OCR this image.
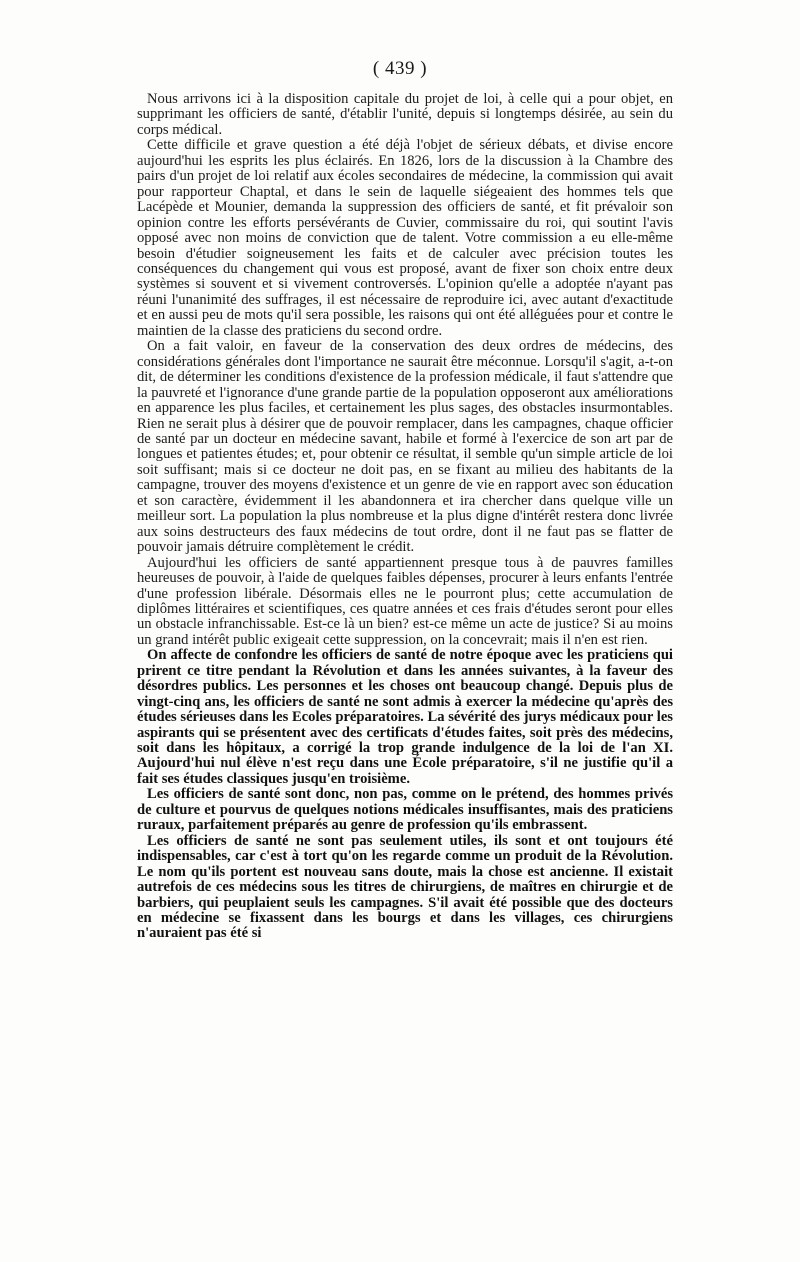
( 439 )

Nous arrivons ici à la disposition capitale du projet de loi, à celle qui a pour objet, en supprimant les officiers de santé, d'établir l'unité, depuis si longtemps désirée, au sein du corps médical.

Cette difficile et grave question a été déjà l'objet de sérieux débats, et divise encore aujourd'hui les esprits les plus éclairés. En 1826, lors de la discussion à la Chambre des pairs d'un projet de loi relatif aux écoles secondaires de médecine, la commission qui avait pour rapporteur Chaptal, et dans le sein de laquelle siégeaient des hommes tels que Lacépède et Mounier, demanda la suppression des officiers de santé, et fit prévaloir son opinion contre les efforts persévérants de Cuvier, commissaire du roi, qui soutint l'avis opposé avec non moins de conviction que de talent. Votre commission a eu elle-même besoin d'étudier soigneusement les faits et de calculer avec précision toutes les conséquences du changement qui vous est proposé, avant de fixer son choix entre deux systèmes si souvent et si vivement controversés. L'opinion qu'elle a adoptée n'ayant pas réuni l'unanimité des suffrages, il est nécessaire de reproduire ici, avec autant d'exactitude et en aussi peu de mots qu'il sera possible, les raisons qui ont été alléguées pour et contre le maintien de la classe des praticiens du second ordre.

On a fait valoir, en faveur de la conservation des deux ordres de médecins, des considérations générales dont l'importance ne saurait être méconnue. Lorsqu'il s'agit, a-t-on dit, de déterminer les conditions d'existence de la profession médicale, il faut s'attendre que la pauvreté et l'ignorance d'une grande partie de la population opposeront aux améliorations en apparence les plus faciles, et certainement les plus sages, des obstacles insurmontables. Rien ne serait plus à désirer que de pouvoir remplacer, dans les campagnes, chaque officier de santé par un docteur en médecine savant, habile et formé à l'exercice de son art par de longues et patientes études; et, pour obtenir ce résultat, il semble qu'un simple article de loi soit suffisant; mais si ce docteur ne doit pas, en se fixant au milieu des habitants de la campagne, trouver des moyens d'existence et un genre de vie en rapport avec son éducation et son caractère, évidemment il les abandonnera et ira chercher dans quelque ville un meilleur sort. La population la plus nombreuse et la plus digne d'intérêt restera donc livrée aux soins destructeurs des faux médecins de tout ordre, dont il ne faut pas se flatter de pouvoir jamais détruire complètement le crédit.

Aujourd'hui les officiers de santé appartiennent presque tous à de pauvres familles heureuses de pouvoir, à l'aide de quelques faibles dépenses, procurer à leurs enfants l'entrée d'une profession libérale. Désormais elles ne le pourront plus; cette accumulation de diplômes littéraires et scientifiques, ces quatre années et ces frais d'études seront pour elles un obstacle infranchissable. Est-ce là un bien? est-ce même un acte de justice? Si au moins un grand intérêt public exigeait cette suppression, on la concevrait; mais il n'en est rien.

On affecte de confondre les officiers de santé de notre époque avec les praticiens qui prirent ce titre pendant la Révolution et dans les années suivantes, à la faveur des désordres publics. Les personnes et les choses ont beaucoup changé. Depuis plus de vingt-cinq ans, les officiers de santé ne sont admis à exercer la médecine qu'après des études sérieuses dans les Ecoles préparatoires. La sévérité des jurys médicaux pour les aspirants qui se présentent avec des certificats d'études faites, soit près des médecins, soit dans les hôpitaux, a corrigé la trop grande indulgence de la loi de l'an XI. Aujourd'hui nul élève n'est reçu dans une École préparatoire, s'il ne justifie qu'il a fait ses études classiques jusqu'en troisième.

Les officiers de santé sont donc, non pas, comme on le prétend, des hommes privés de culture et pourvus de quelques notions médicales insuffisantes, mais des praticiens ruraux, parfaitement préparés au genre de profession qu'ils embrassent.

Les officiers de santé ne sont pas seulement utiles, ils sont et ont toujours été indispensables, car c'est à tort qu'on les regarde comme un produit de la Révolution. Le nom qu'ils portent est nouveau sans doute, mais la chose est ancienne. Il existait autrefois de ces médecins sous les titres de chirurgiens, de maîtres en chirurgie et de barbiers, qui peuplaient seuls les campagnes. S'il avait été possible que des docteurs en médecine se fixassent dans les bourgs et dans les villages, ces chirurgiens n'auraient pas été si
